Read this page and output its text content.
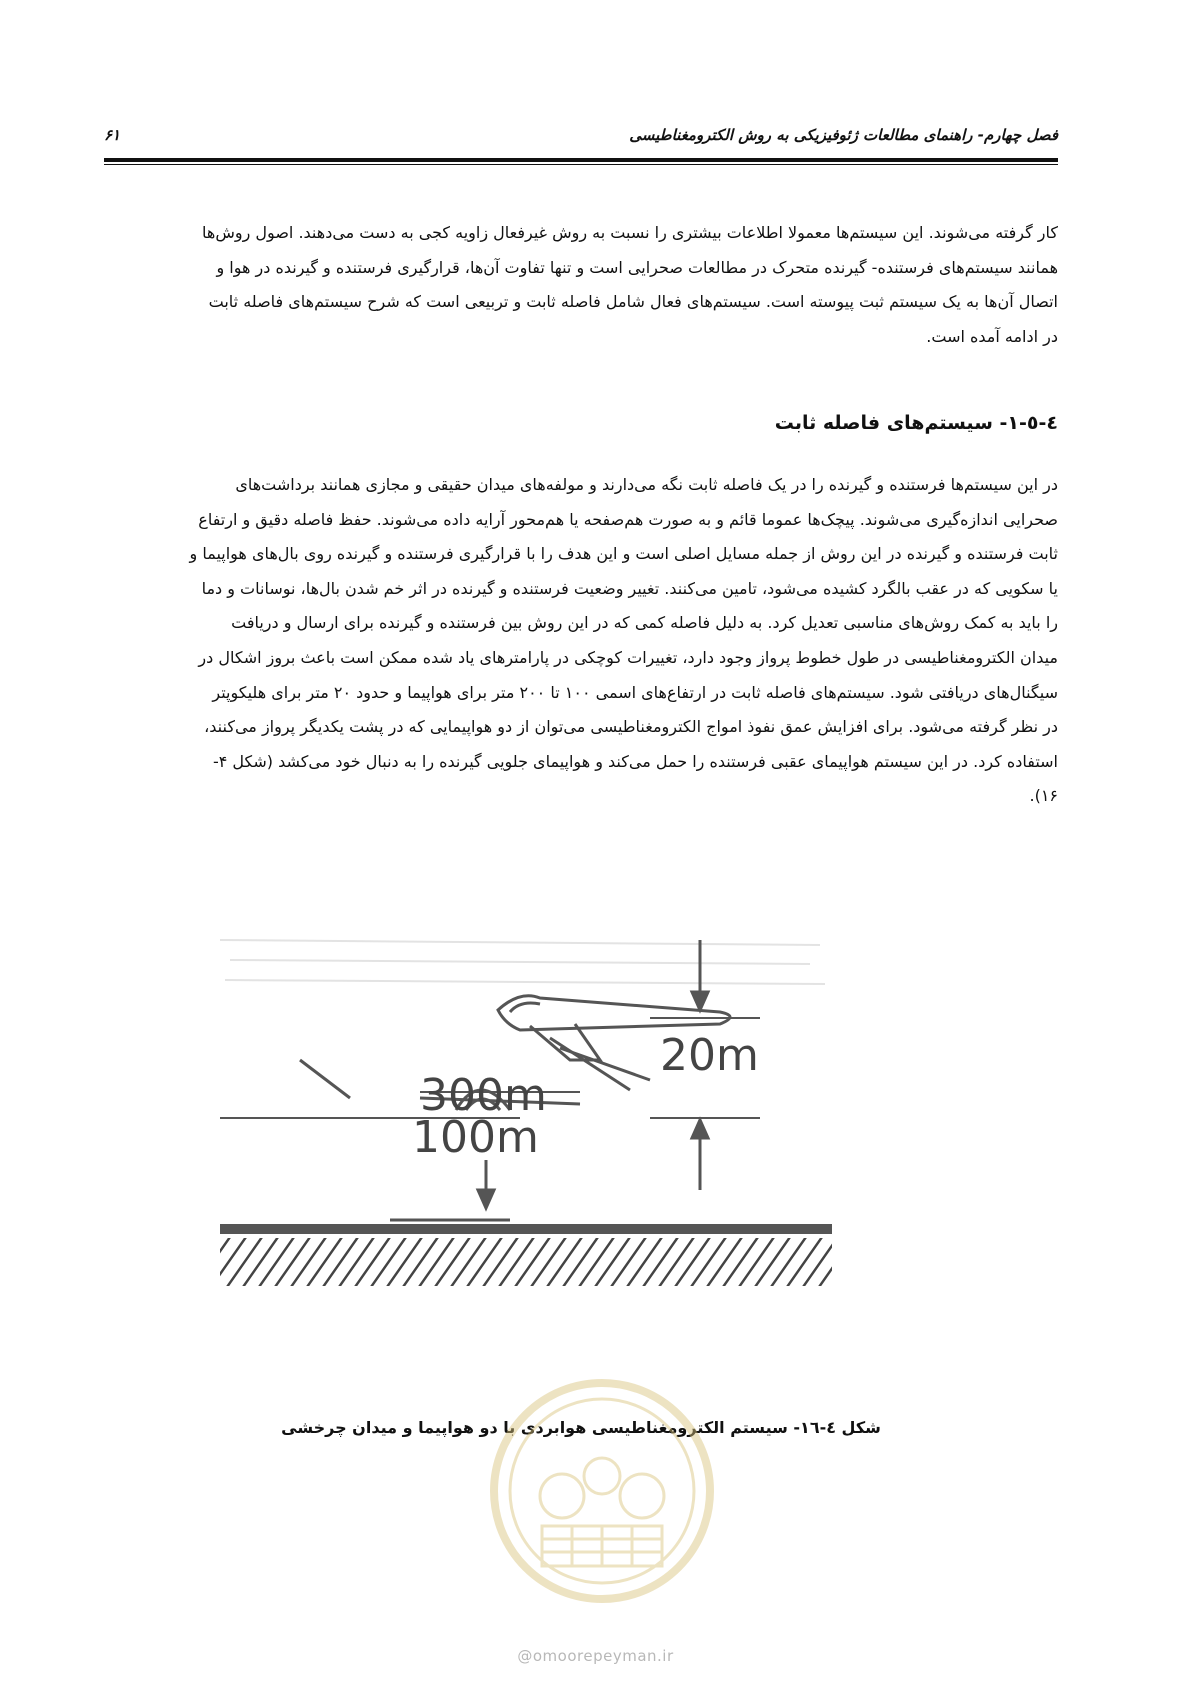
فصل چهارم- راهنمای مطالعات ژئوفیزیکی به روش الکترومغناطیسی
۶۱
کار گرفته می‌شوند. این سیستم‌ها معمولا اطلاعات بیشتری را نسبت به روش غیرفعال زاویه کجی به دست می‌دهند. اصول روش‌ها
همانند سیستم‌های فرستنده- گیرنده متحرک در مطالعات صحرایی است و تنها تفاوت آن‌ها، قرارگیری فرستنده و گیرنده در هوا و
اتصال آن‌ها به یک سیستم ثبت پیوسته است. سیستم‌های فعال شامل فاصله ثابت و تربیعی است که شرح سیستم‌های فاصله ثابت
در ادامه آمده است.
٤-٥-١- سیستم‌های فاصله ثابت
در این سیستم‌ها فرستنده و گیرنده را در یک فاصله ثابت نگه می‌دارند و مولفه‌های میدان حقیقی و مجازی همانند برداشت‌های
صحرایی اندازه‌گیری می‌شوند. پیچک‌ها عموما قائم و به صورت هم‌صفحه یا هم‌محور آرایه داده می‌شوند. حفظ فاصله دقیق و ارتفاع
ثابت فرستنده و گیرنده در این روش از جمله مسایل اصلی است و این هدف را با قرارگیری فرستنده و گیرنده روی بال‌های هواپیما و
یا سکویی که در عقب بالگرد کشیده می‌شود، تامین می‌کنند. تغییر وضعیت فرستنده و گیرنده در اثر خم شدن بال‌ها، نوسانات و دما
را باید به کمک روش‌های مناسبی تعدیل کرد. به دلیل فاصله کمی که در این روش بین فرستنده و گیرنده برای ارسال و دریافت
میدان الکترومغناطیسی در طول خطوط پرواز وجود دارد، تغییرات کوچکی در پارامترهای یاد شده ممکن است باعث بروز اشکال در
سیگنال‌های دریافتی شود. سیستم‌های فاصله ثابت در ارتفاع‌های اسمی ۱۰۰ تا ۲۰۰ متر برای هواپیما و حدود ۲۰ متر برای هلیکوپتر
در نظر گرفته می‌شود. برای افزایش عمق نفوذ امواج الکترومغناطیسی می‌توان از دو هواپیمایی که در پشت یکدیگر پرواز می‌کنند،
استفاده کرد. در این سیستم هواپیمای عقبی فرستنده را حمل می‌کند و هواپیمای جلویی گیرنده را به دنبال خود می‌کشد (شکل ۴-
۱۶).
20m
300m
100m
شکل ٤-١٦- سیستم الکترومغناطیسی هوابردی با دو هواپیما و میدان چرخشی
@omoorepeyman.ir
